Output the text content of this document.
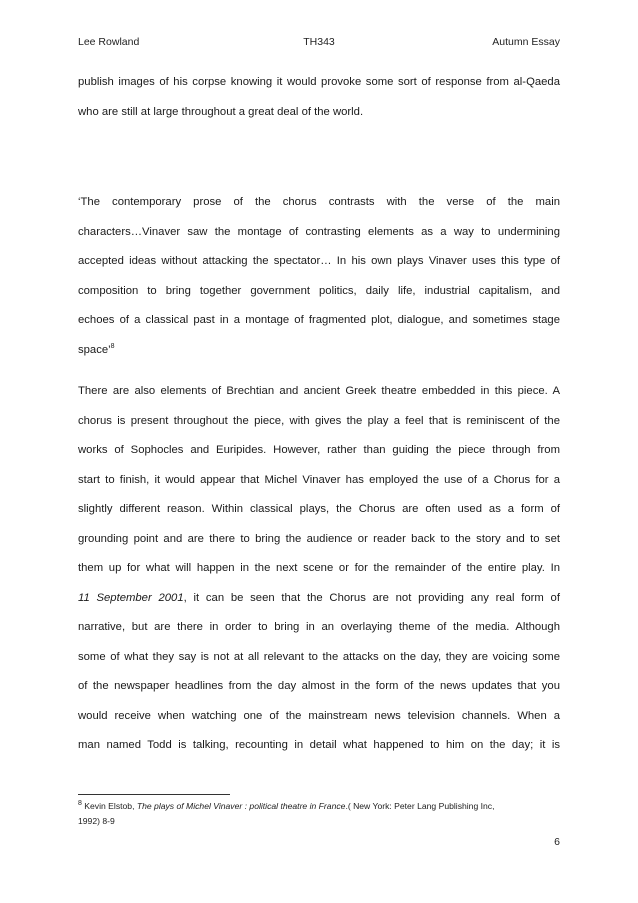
Lee Rowland	TH343	Autumn Essay
publish images of his corpse knowing it would provoke some sort of response from al-Qaeda
who are still at large throughout a great deal of the world.
‘The contemporary prose of the chorus contrasts with the verse of the main
characters…Vinaver saw the montage of contrasting elements as a way to undermining
accepted ideas without attacking the spectator… In his own plays Vinaver uses this type of
composition to bring together government politics, daily life, industrial capitalism, and
echoes of a classical past in a montage of fragmented plot, dialogue, and sometimes stage
space’$^8$
There are also elements of Brechtian and ancient Greek theatre embedded in this piece. A
chorus is present throughout the piece, with gives the play a feel that is reminiscent of the
works of Sophocles and Euripides. However, rather than guiding the piece through from
start to finish, it would appear that Michel Vinaver has employed the use of a Chorus for a
slightly different reason. Within classical plays, the Chorus are often used as a form of
grounding point and are there to bring the audience or reader back to the story and to set
them up for what will happen in the next scene or for the remainder of the entire play. In
11 September 2001, it can be seen that the Chorus are not providing any real form of
narrative, but are there in order to bring in an overlaying theme of the media. Although
some of what they say is not at all relevant to the attacks on the day, they are voicing some
of the newspaper headlines from the day almost in the form of the news updates that you
would receive when watching one of the mainstream news television channels. When a
man named Todd is talking, recounting in detail what happened to him on the day; it is
$^8$ Kevin Elstob, The plays of Michel Vinaver : political theatre in France.( New York: Peter Lang Publishing Inc,
1992) 8-9
6
